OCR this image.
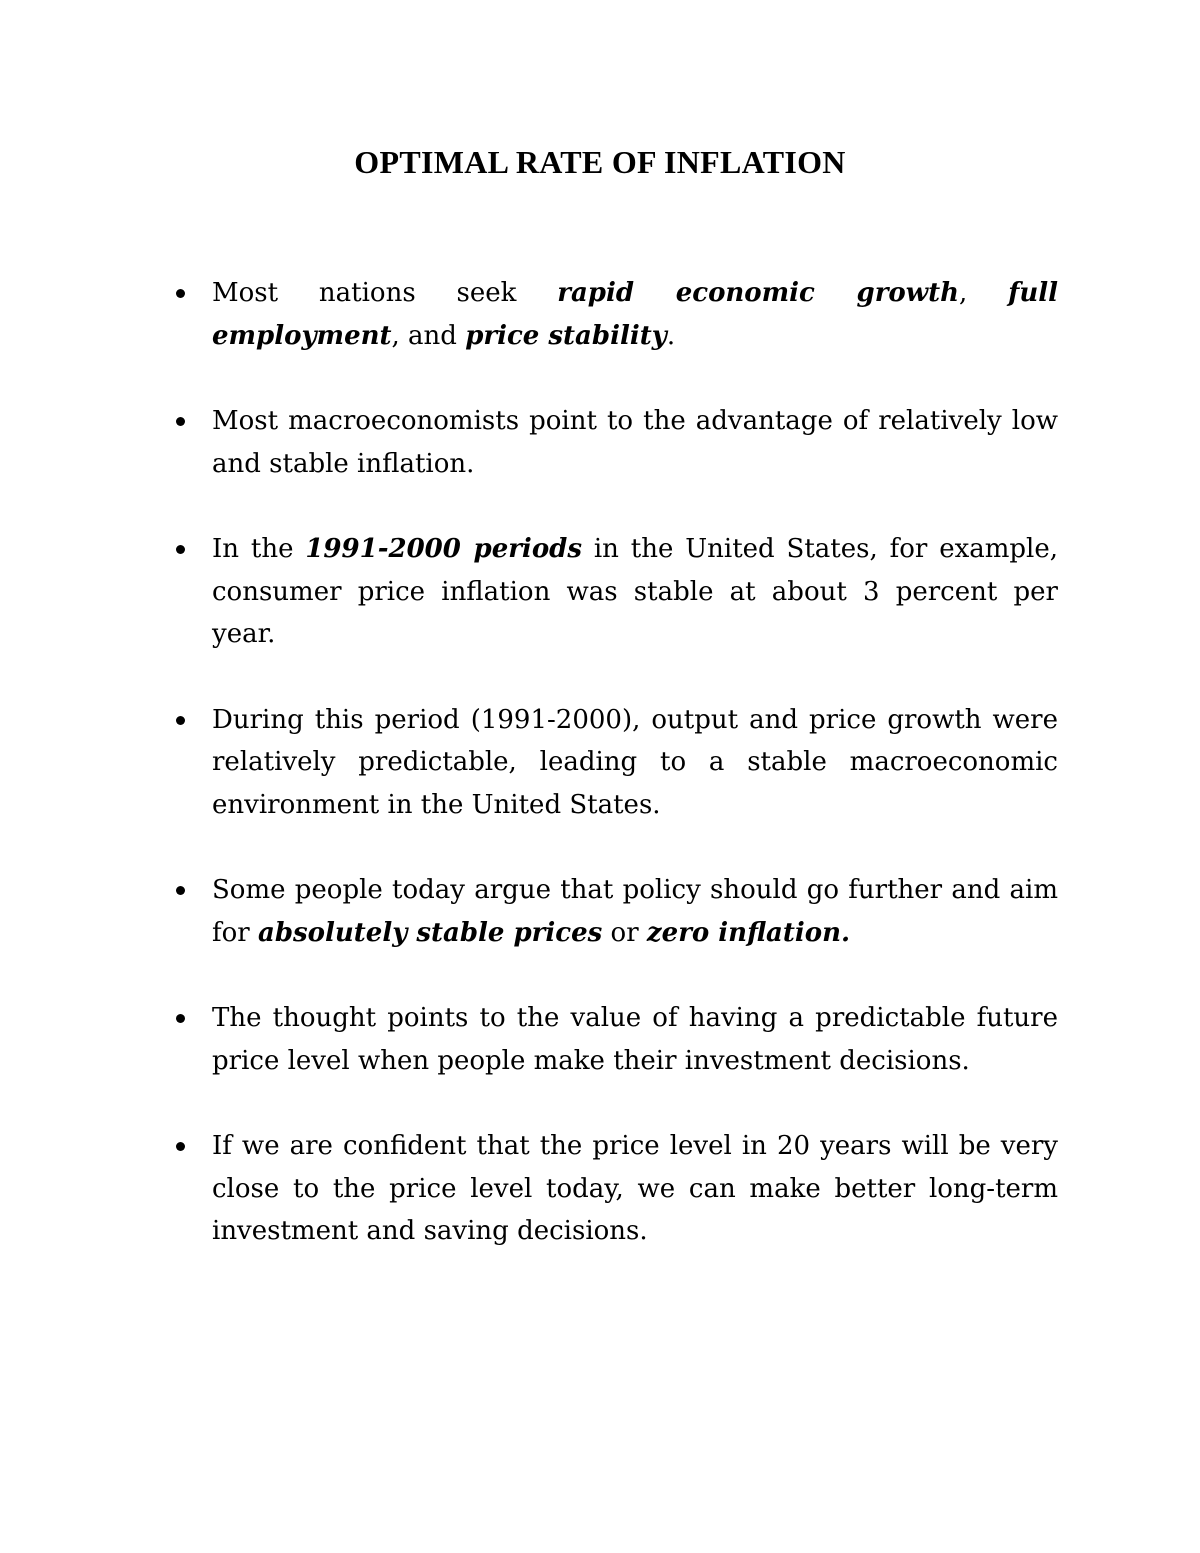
OPTIMAL RATE OF INFLATION
Most nations seek rapid economic growth, full employment, and price stability.
Most macroeconomists point to the advantage of relatively low and stable inflation.
In the 1991-2000 periods in the United States, for example, consumer price inflation was stable at about 3 percent per year.
During this period (1991-2000), output and price growth were relatively predictable, leading to a stable macroeconomic environment in the United States.
Some people today argue that policy should go further and aim for absolutely stable prices or zero inflation.
The thought points to the value of having a predictable future price level when people make their investment decisions.
If we are confident that the price level in 20 years will be very close to the price level today, we can make better long-term investment and saving decisions.
